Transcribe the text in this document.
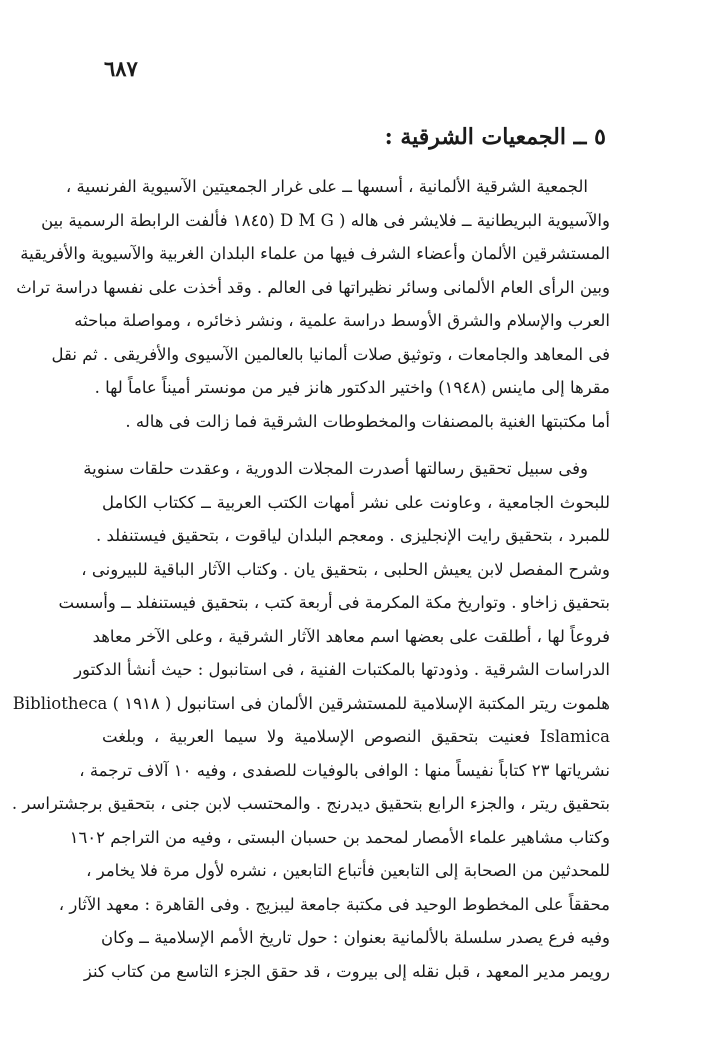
٦٨٧
٥ ــ الجمعيات الشرقية :
الجمعية الشرقية الألمانية ، أسسها ــ على غرار الجمعيتين الآسيوية الفرنسية ،
والآسيوية البريطانية ــ فلايشر فى هاله ( D M G (١٨٤٥ فألفت الرابطة الرسمية بين
المستشرقين الألمان وأعضاء الشرف فيها من علماء البلدان الغربية والآسيوية والأفريقية
وبين الرأى العام الألمانى وسائر نظيراتها فى العالم . وقد أخذت على نفسها دراسة تراث
العرب والإسلام والشرق الأوسط دراسة علمية ، ونشر ذخائره ، ومواصلة مباحثه
فى المعاهد والجامعات ، وتوثيق صلات ألمانيا بالعالمين الآسيوى والأفريقى . ثم نقل
مقرها إلى ماينس (١٩٤٨) واختير الدكتور هانز فير من مونستر أميناً عاماً لها .
أما مكتبتها الغنية بالمصنفات والمخطوطات الشرقية فما زالت فى هاله .
وفى سبيل تحقيق رسالتها أصدرت المجلات الدورية ، وعقدت حلقات سنوية
للبحوث الجامعية ، وعاونت على نشر أمهات الكتب العربية ــ ككتاب الكامل
للمبرد ، بتحقيق رايت الإنجليزى . ومعجم البلدان لياقوت ، بتحقيق فيستنفلد .
وشرح المفصل لابن يعيش الحلبى ، بتحقيق يان . وكتاب الآثار الباقية للبيرونى ،
بتحقيق زاخاو . وتواريخ مكة المكرمة فى أربعة كتب ، بتحقيق فيستنفلد ــ وأسست
فروعاً لها ، أطلقت على بعضها اسم معاهد الآثار الشرقية ، وعلى الآخر معاهد
الدراسات الشرقية . وذودتها بالمكتبات الفنية ، فى استانبول : حيث أنشأ الدكتور
هلموت ريتر المكتبة الإسلامية للمستشرقين الألمان فى استانبول ( ١٩١٨ ) Bibliotheca
Islamica فعنيت بتحقيق النصوص الإسلامية ولا سيما العربية ، وبلغت
نشرياتها ٢٣ كتاباً نفيساً منها : الوافى بالوفيات للصفدى ، وفيه ١٠ آلاف ترجمة ،
بتحقيق ريتر ، والجزء الرابع بتحقيق ديدرنج . والمحتسب لابن جنى ، بتحقيق برجشتراسر .
وكتاب مشاهير علماء الأمصار لمحمد بن حسبان البستى ، وفيه من التراجم ١٦٠٢
للمحدثين من الصحابة إلى التابعين فأتباع التابعين ، نشره لأول مرة فلا يخامر ،
محققاً على المخطوط الوحيد فى مكتبة جامعة ليبزيج . وفى القاهرة : معهد الآثار ،
وفيه فرع يصدر سلسلة بالألمانية بعنوان : حول تاريخ الأمم الإسلامية ــ وكان
رويمر مدير المعهد ، قبل نقله إلى بيروت ، قد حقق الجزء التاسع من كتاب كنز
